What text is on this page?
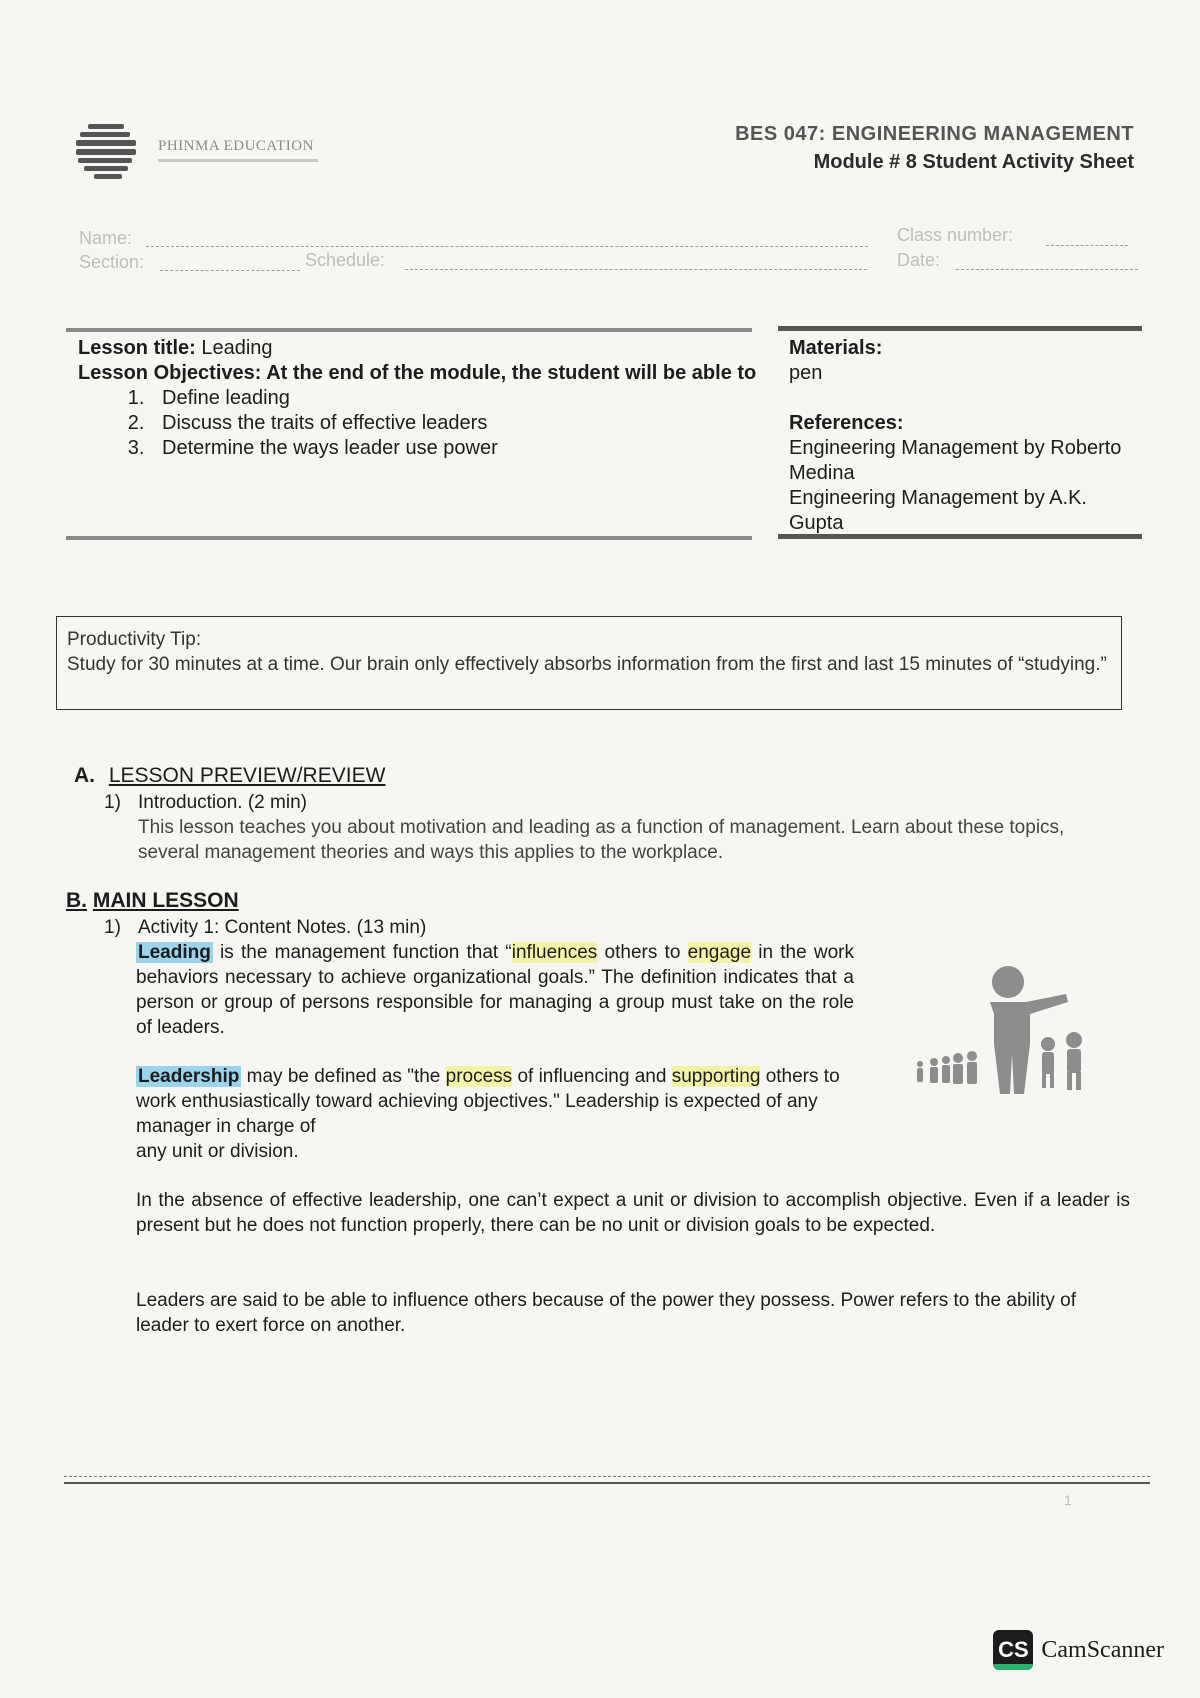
PHINMA EDUCATION
BES 047: ENGINEERING MANAGEMENT
Module # 8 Student Activity Sheet
Name:	Class number:
Section:	Schedule:	Date:
Lesson title: Leading
Lesson Objectives: At the end of the module, the student will be able to
1. Define leading
2. Discuss the traits of effective leaders
3. Determine the ways leader use power
Materials:
pen
References:
Engineering Management by Roberto Medina
Engineering Management by A.K. Gupta
Productivity Tip:
Study for 30 minutes at a time. Our brain only effectively absorbs information from the first and last 15 minutes of “studying.”
A. LESSON PREVIEW/REVIEW
1) Introduction. (2 min)
This lesson teaches you about motivation and leading as a function of management. Learn about these topics, several management theories and ways this applies to the workplace.
B. MAIN LESSON
1) Activity 1: Content Notes. (13 min)
Leading is the management function that “influences others to engage in the work behaviors necessary to achieve organizational goals.” The definition indicates that a person or group of persons responsible for managing a group must take on the role of leaders.
Leadership may be defined as "the process of influencing and supporting others to work enthusiastically toward achieving objectives." Leadership is expected of any manager in charge of
any unit or division.
In the absence of effective leadership, one can’t expect a unit or division to accomplish objective. Even if a leader is present but he does not function properly, there can be no unit or division goals to be expected.
Leaders are said to be able to influence others because of the power they possess. Power refers to the ability of leader to exert force on another.
1
CS CamScanner
